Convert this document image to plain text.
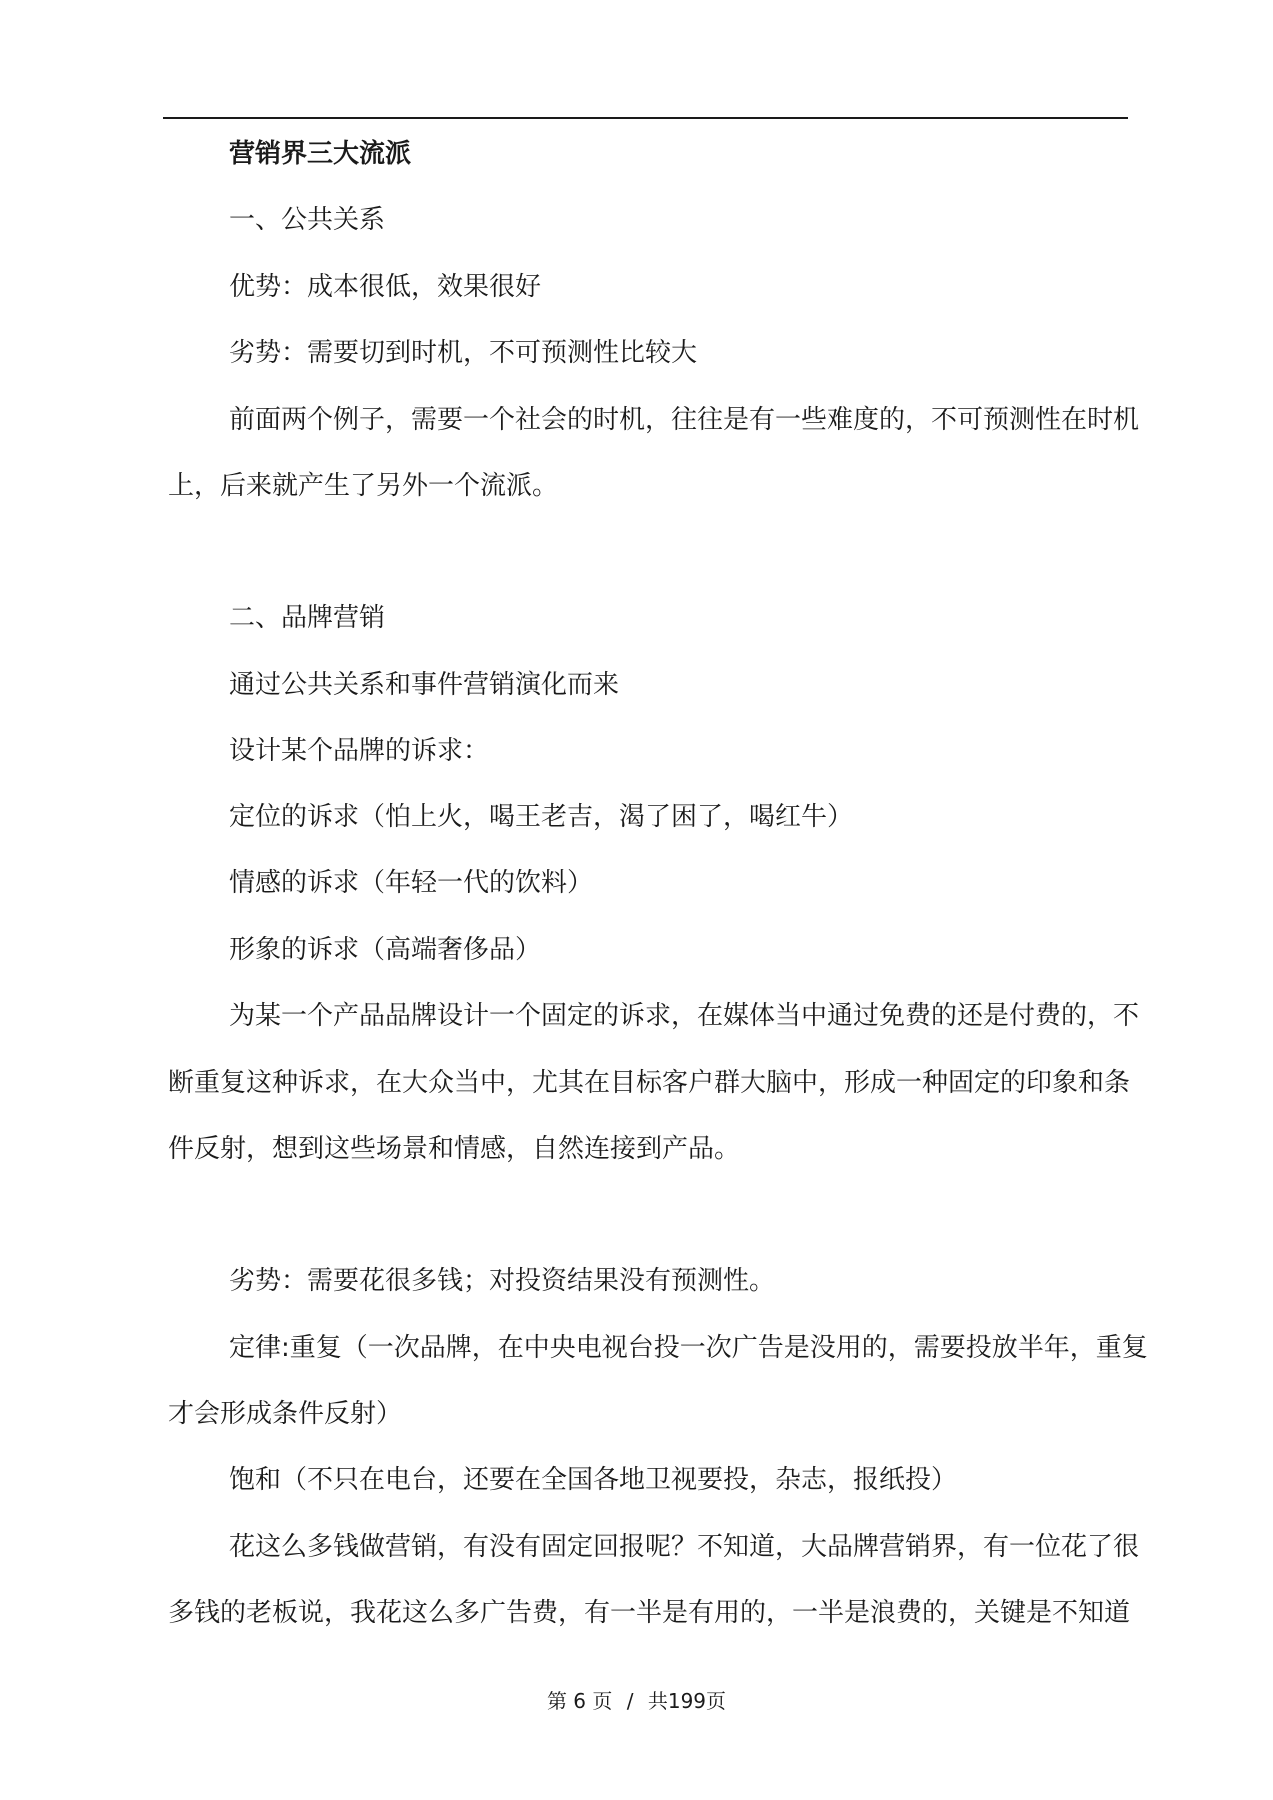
营销界三大流派
一、公共关系
优势：成本很低，效果很好
劣势：需要切到时机，不可预测性比较大
前面两个例子，需要一个社会的时机，往往是有一些难度的，不可预测性在时机
上，后来就产生了另外一个流派。
二、品牌营销
通过公共关系和事件营销演化而来
设计某个品牌的诉求：
定位的诉求（怕上火，喝王老吉，渴了困了，喝红牛）
情感的诉求（年轻一代的饮料）
形象的诉求（高端奢侈品）
为某一个产品品牌设计一个固定的诉求，在媒体当中通过免费的还是付费的，不
断重复这种诉求，在大众当中，尤其在目标客户群大脑中，形成一种固定的印象和条
件反射，想到这些场景和情感，自然连接到产品。
劣势：需要花很多钱；对投资结果没有预测性。
定律:重复（一次品牌，在中央电视台投一次广告是没用的，需要投放半年，重复
才会形成条件反射）
饱和（不只在电台，还要在全国各地卫视要投，杂志，报纸投）
花这么多钱做营销，有没有固定回报呢？不知道，大品牌营销界，有一位花了很
多钱的老板说，我花这么多广告费，有一半是有用的，一半是浪费的，关键是不知道
第 6 页 / 共199页
